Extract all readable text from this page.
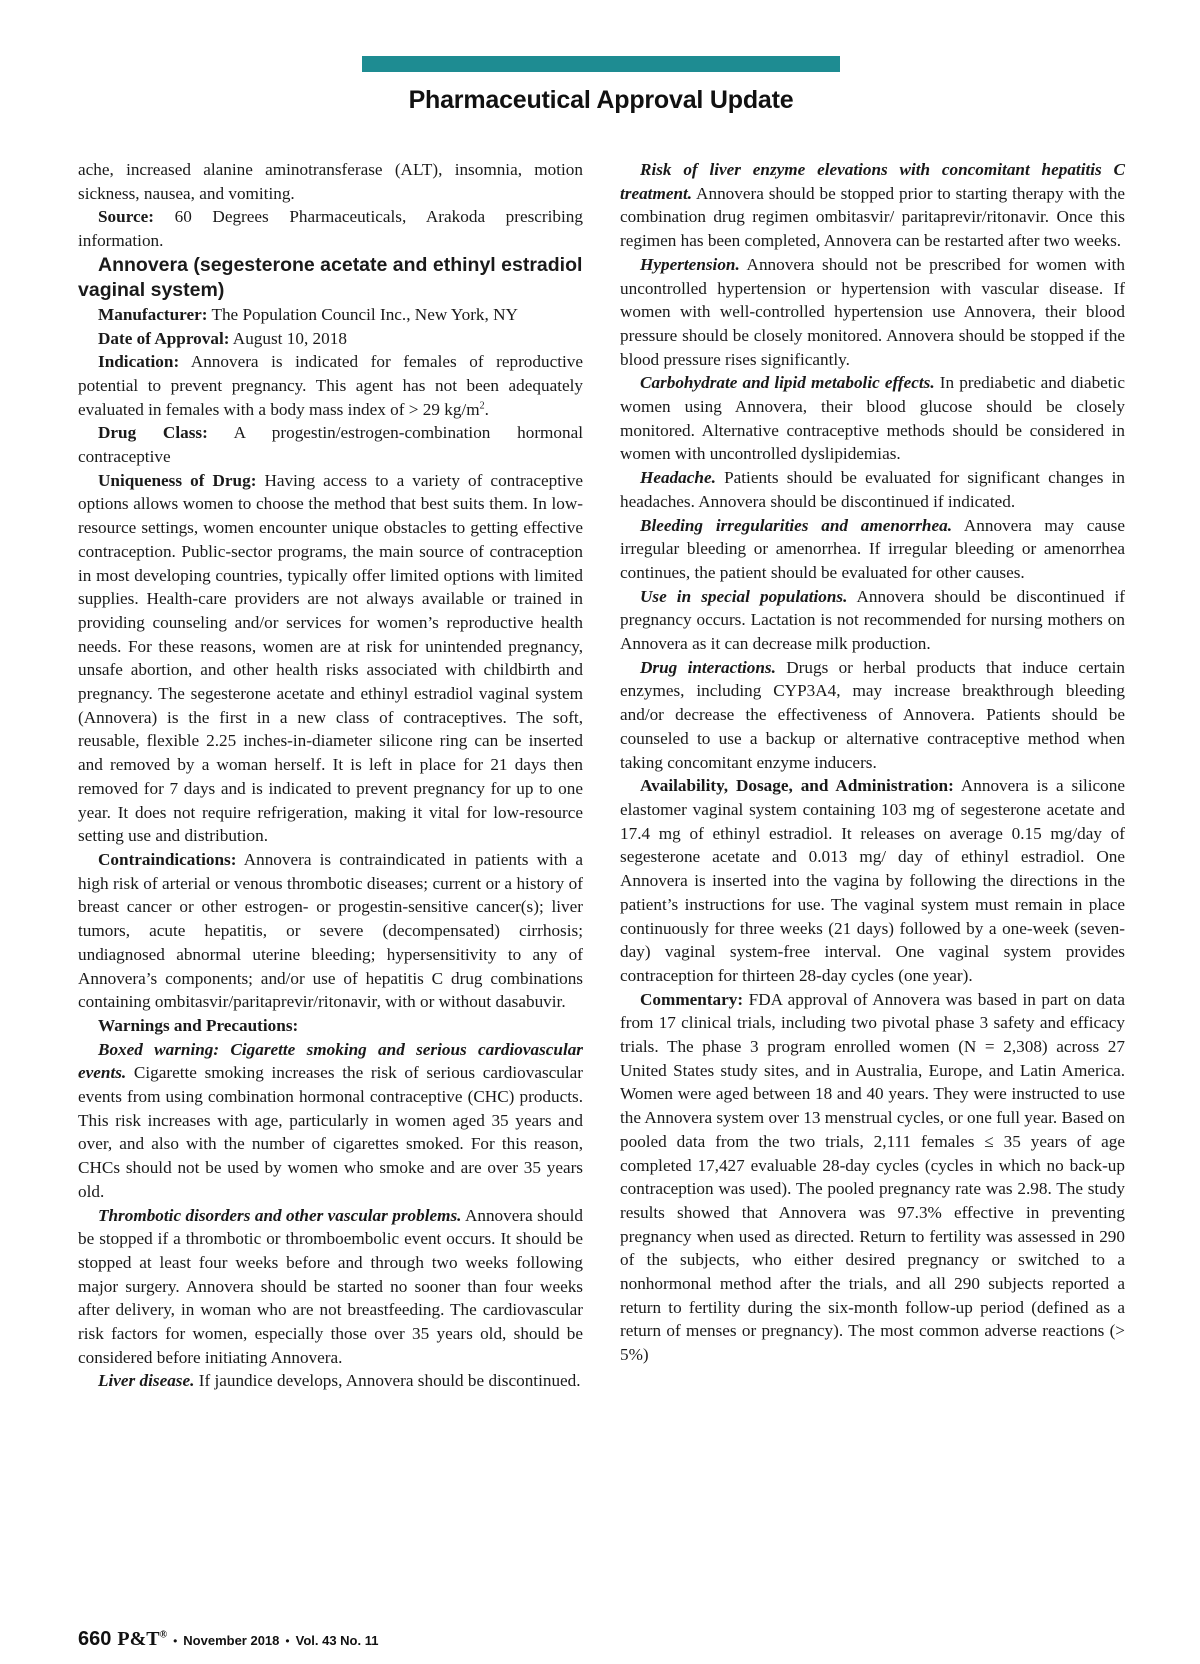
Pharmaceutical Approval Update

ache, increased alanine aminotransferase (ALT), insomnia, motion sickness, nausea, and vomiting.

Source: 60 Degrees Pharmaceuticals, Arakoda prescribing information.

Annovera (segesterone acetate and ethinyl estradiol vaginal system)

Manufacturer: The Population Council Inc., New York, NY

Date of Approval: August 10, 2018

Indication: Annovera is indicated for females of reproductive potential to prevent pregnancy. This agent has not been adequately evaluated in females with a body mass index of > 29 $kg/m^2$.

Drug Class: A progestin/estrogen-combination hormonal contraceptive

Uniqueness of Drug: Having access to a variety of contraceptive options allows women to choose the method that best suits them. In low-resource settings, women encounter unique obstacles to getting effective contraception. Public-sector programs, the main source of contraception in most developing countries, typically offer limited options with limited supplies. Health-care providers are not always available or trained in providing counseling and/or services for women’s reproductive health needs. For these reasons, women are at risk for unintended pregnancy, unsafe abortion, and other health risks associated with childbirth and pregnancy. The segesterone acetate and ethinyl estradiol vaginal system (Annovera) is the first in a new class of contraceptives. The soft, reusable, flexible 2.25 inches-in-diameter silicone ring can be inserted and removed by a woman herself. It is left in place for 21 days then removed for 7 days and is indicated to prevent pregnancy for up to one year. It does not require refrigeration, making it vital for low-resource setting use and distribution.

Contraindications: Annovera is contraindicated in patients with a high risk of arterial or venous thrombotic diseases; current or a history of breast cancer or other estrogen- or progestin-sensitive cancer(s); liver tumors, acute hepatitis, or severe (decompensated) cirrhosis; undiagnosed abnormal uterine bleeding; hypersensitivity to any of Annovera’s components; and/or use of hepatitis C drug combinations containing ombitasvir/paritaprevir/ritonavir, with or without dasabuvir.

Warnings and Precautions:

Boxed warning: Cigarette smoking and serious cardiovascular events. Cigarette smoking increases the risk of serious cardiovascular events from using combination hormonal contraceptive (CHC) products. This risk increases with age, particularly in women aged 35 years and over, and also with the number of cigarettes smoked. For this reason, CHCs should not be used by women who smoke and are over 35 years old.

Thrombotic disorders and other vascular problems. Annovera should be stopped if a thrombotic or thromboembolic event occurs. It should be stopped at least four weeks before and through two weeks following major surgery. Annovera should be started no sooner than four weeks after delivery, in woman who are not breastfeeding. The cardiovascular risk factors for women, especially those over 35 years old, should be considered before initiating Annovera.

Liver disease. If jaundice develops, Annovera should be discontinued.

Risk of liver enzyme elevations with concomitant hepatitis C treatment. Annovera should be stopped prior to starting therapy with the combination drug regimen ombitasvir/ paritaprevir/ritonavir. Once this regimen has been completed, Annovera can be restarted after two weeks.

Hypertension. Annovera should not be prescribed for women with uncontrolled hypertension or hypertension with vascular disease. If women with well-controlled hypertension use Annovera, their blood pressure should be closely monitored. Annovera should be stopped if the blood pressure rises significantly.

Carbohydrate and lipid metabolic effects. In prediabetic and diabetic women using Annovera, their blood glucose should be closely monitored. Alternative contraceptive methods should be considered in women with uncontrolled dyslipidemias.

Headache. Patients should be evaluated for significant changes in headaches. Annovera should be discontinued if indicated.

Bleeding irregularities and amenorrhea. Annovera may cause irregular bleeding or amenorrhea. If irregular bleeding or amenorrhea continues, the patient should be evaluated for other causes.

Use in special populations. Annovera should be discontinued if pregnancy occurs. Lactation is not recommended for nursing mothers on Annovera as it can decrease milk production.

Drug interactions. Drugs or herbal products that induce certain enzymes, including CYP3A4, may increase breakthrough bleeding and/or decrease the effectiveness of Annovera. Patients should be counseled to use a backup or alternative contraceptive method when taking concomitant enzyme inducers.

Availability, Dosage, and Administration: Annovera is a silicone elastomer vaginal system containing 103 mg of segesterone acetate and 17.4 mg of ethinyl estradiol. It releases on average 0.15 mg/day of segesterone acetate and 0.013 mg/ day of ethinyl estradiol. One Annovera is inserted into the vagina by following the directions in the patient’s instructions for use. The vaginal system must remain in place continuously for three weeks (21 days) followed by a one-week (seven-day) vaginal system-free interval. One vaginal system provides contraception for thirteen 28-day cycles (one year).

Commentary: FDA approval of Annovera was based in part on data from 17 clinical trials, including two pivotal phase 3 safety and efficacy trials. The phase 3 program enrolled women (N = 2,308) across 27 United States study sites, and in Australia, Europe, and Latin America. Women were aged between 18 and 40 years. They were instructed to use the Annovera system over 13 menstrual cycles, or one full year. Based on pooled data from the two trials, 2,111 females ≤ 35 years of age completed 17,427 evaluable 28-day cycles (cycles in which no back-up contraception was used). The pooled pregnancy rate was 2.98. The study results showed that Annovera was 97.3% effective in preventing pregnancy when used as directed. Return to fertility was assessed in 290 of the subjects, who either desired pregnancy or switched to a nonhormonal method after the trials, and all 290 subjects reported a return to fertility during the six-month follow-up period (defined as a return of menses or pregnancy). The most common adverse reactions (> 5%)

660 P&T® • November 2018 • Vol. 43 No. 11
